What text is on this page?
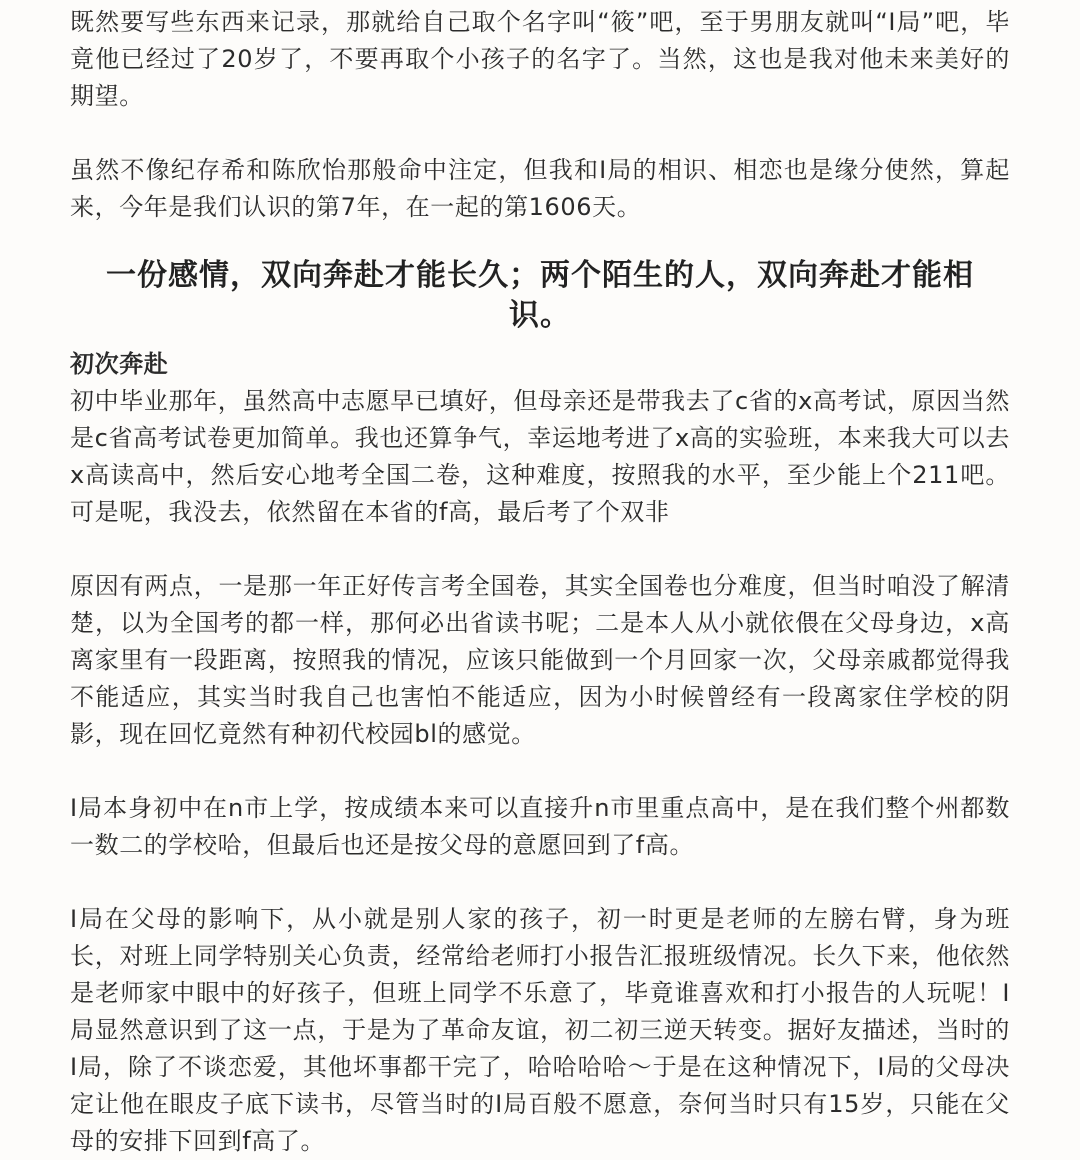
既然要写些东西来记录，那就给自己取个名字叫“筱”吧，至于男朋友就叫“I局”吧，毕竟他已经过了20岁了，不要再取个小孩子的名字了。当然，这也是我对他未来美好的期望。

虽然不像纪存希和陈欣怡那般命中注定，但我和I局的相识、相恋也是缘分使然，算起来，今年是我们认识的第7年，在一起的第1606天。

一份感情，双向奔赴才能长久；两个陌生的人，双向奔赴才能相识。
初次奔赴

初中毕业那年，虽然高中志愿早已填好，但母亲还是带我去了c省的x高考试，原因当然是c省高考试卷更加简单。我也还算争气，幸运地考进了x高的实验班，本来我大可以去x高读高中，然后安心地考全国二卷，这种难度，按照我的水平，至少能上个211吧。可是呢，我没去，依然留在本省的f高，最后考了个双非

原因有两点，一是那一年正好传言考全国卷，其实全国卷也分难度，但当时咱没了解清楚，以为全国考的都一样，那何必出省读书呢；二是本人从小就依偎在父母身边，x高离家里有一段距离，按照我的情况，应该只能做到一个月回家一次，父母亲戚都觉得我不能适应，其实当时我自己也害怕不能适应，因为小时候曾经有一段离家住学校的阴影，现在回忆竟然有种初代校园bl的感觉。

I局本身初中在n市上学，按成绩本来可以直接升n市里重点高中，是在我们整个州都数一数二的学校哈，但最后也还是按父母的意愿回到了f高。

I局在父母的影响下，从小就是别人家的孩子，初一时更是老师的左膀右臂，身为班长，对班上同学特别关心负责，经常给老师打小报告汇报班级情况。长久下来，他依然是老师家中眼中的好孩子，但班上同学不乐意了，毕竟谁喜欢和打小报告的人玩呢！I局显然意识到了这一点，于是为了革命友谊，初二初三逆天转变。据好友描述，当时的I局，除了不谈恋爱，其他坏事都干完了，哈哈哈哈～于是在这种情况下，I局的父母决定让他在眼皮子底下读书，尽管当时的I局百般不愿意，奈何当时只有15岁，只能在父母的安排下回到f高了。
